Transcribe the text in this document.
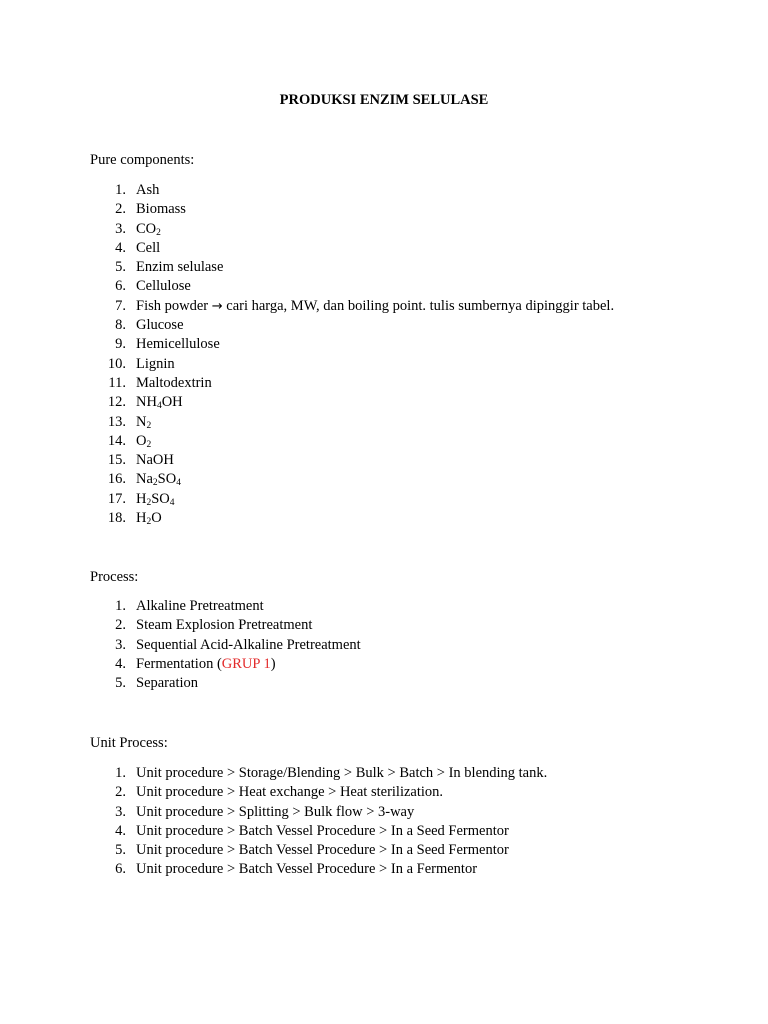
PRODUKSI ENZIM SELULASE

Pure components:

1. Ash
2. Biomass
3. $CO_2$
4. Cell
5. Enzim selulase
6. Cellulose
7. Fish powder → cari harga, MW, dan boiling point. tulis sumbernya dipinggir tabel.
8. Glucose
9. Hemicellulose
10. Lignin
11. Maltodextrin
12. $NH_4OH$
13. $N_2$
14. $O_2$
15. NaOH
16. $Na_2SO_4$
17. $H_2SO_4$
18. $H_2O$

Process:

1. Alkaline Pretreatment
2. Steam Explosion Pretreatment
3. Sequential Acid-Alkaline Pretreatment
4. Fermentation (GRUP 1)
5. Separation

Unit Process:

1. Unit procedure > Storage/Blending > Bulk > Batch > In blending tank.
2. Unit procedure > Heat exchange > Heat sterilization.
3. Unit procedure > Splitting > Bulk flow > 3-way
4. Unit procedure > Batch Vessel Procedure > In a Seed Fermentor
5. Unit procedure > Batch Vessel Procedure > In a Seed Fermentor
6. Unit procedure > Batch Vessel Procedure > In a Fermentor
